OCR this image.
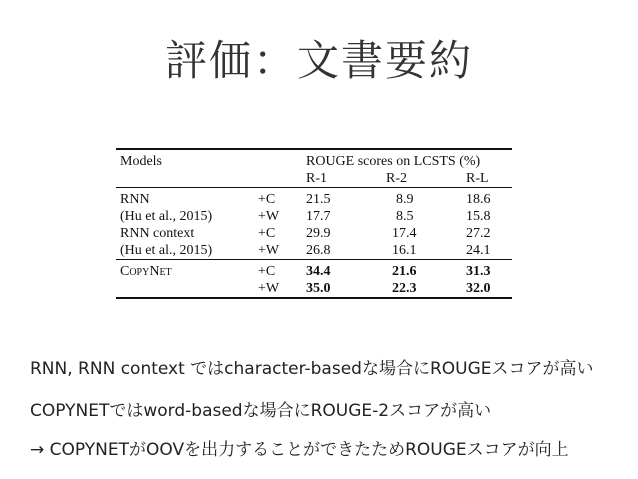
評価：文書要約
Models		ROUGE scores on LCSTS (%)		
		R-1	R-2	R-L
RNN	+C	21.5	8.9	18.6
(Hu et al., 2015)	+W	17.7	8.5	15.8
RNN context	+C	29.9	17.4	27.2
(Hu et al., 2015)	+W	26.8	16.1	24.1
CopyNet	+C	34.4	21.6	31.3
	+W	35.0	22.3	32.0
RNN, RNN context ではcharacter-basedな場合にROUGEスコアが高い
COPYNETではword-basedな場合にROUGE-2スコアが高い
→ COPYNETがOOVを出力することができたためROUGEスコアが向上
